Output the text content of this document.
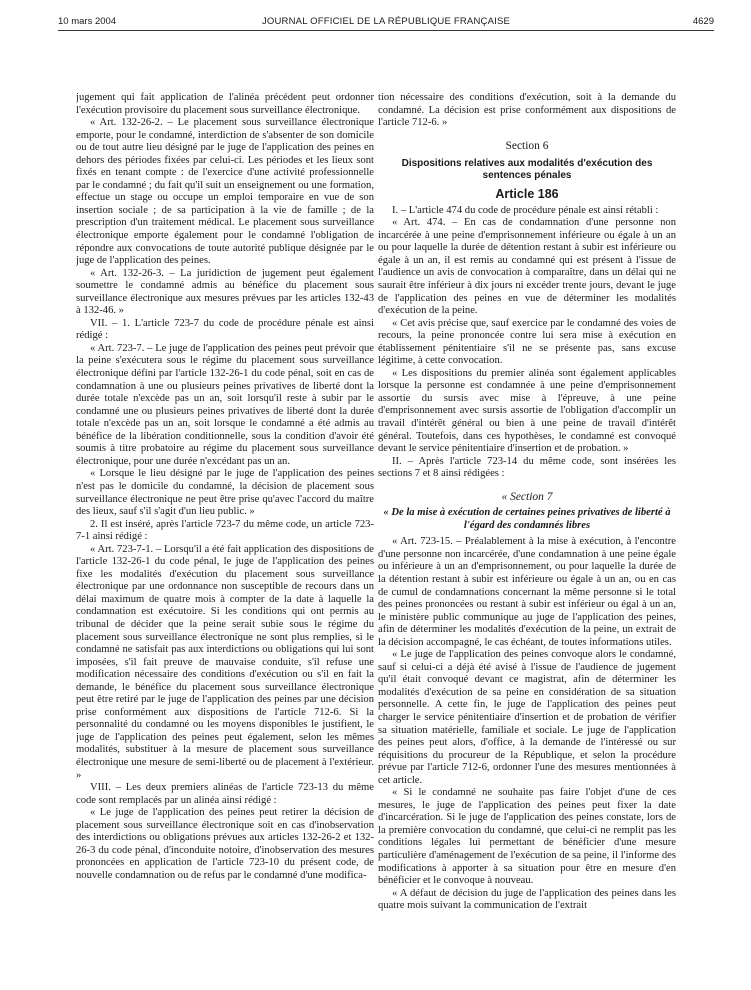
10 mars 2004	JOURNAL OFFICIEL DE LA RÉPUBLIQUE FRANÇAISE	4629

jugement qui fait application de l'alinéa précédent peut ordonner l'exécution provisoire du placement sous surveillance électronique.

« Art. 132-26-2. – Le placement sous surveillance électronique emporte, pour le condamné, interdiction de s'absenter de son domicile ou de tout autre lieu désigné par le juge de l'application des peines en dehors des périodes fixées par celui-ci. Les périodes et les lieux sont fixés en tenant compte : de l'exercice d'une activité professionnelle par le condamné ; du fait qu'il suit un enseignement ou une formation, effectue un stage ou occupe un emploi temporaire en vue de son insertion sociale ; de sa participation à la vie de famille ; de la prescription d'un traitement médical. Le placement sous surveillance électronique emporte également pour le condamné l'obligation de répondre aux convocations de toute autorité publique désignée par le juge de l'application des peines.

« Art. 132-26-3. – La juridiction de jugement peut également soumettre le condamné admis au bénéfice du placement sous surveillance électronique aux mesures prévues par les articles 132-43 à 132-46. »

VII. – 1. L'article 723-7 du code de procédure pénale est ainsi rédigé :

« Art. 723-7. – Le juge de l'application des peines peut prévoir que la peine s'exécutera sous le régime du placement sous surveillance électronique défini par l'article 132-26-1 du code pénal, soit en cas de condamnation à une ou plusieurs peines privatives de liberté dont la durée totale n'excède pas un an, soit lorsqu'il reste à subir par le condamné une ou plusieurs peines privatives de liberté dont la durée totale n'excède pas un an, soit lorsque le condamné a été admis au bénéfice de la libération conditionnelle, sous la condition d'avoir été soumis à titre probatoire au régime du placement sous surveillance électronique, pour une durée n'excédant pas un an.

« Lorsque le lieu désigné par le juge de l'application des peines n'est pas le domicile du condamné, la décision de placement sous surveillance électronique ne peut être prise qu'avec l'accord du maître des lieux, sauf s'il s'agit d'un lieu public. »

2. Il est inséré, après l'article 723-7 du même code, un article 723-7-1 ainsi rédigé :

« Art. 723-7-1. – Lorsqu'il a été fait application des dispositions de l'article 132-26-1 du code pénal, le juge de l'application des peines fixe les modalités d'exécution du placement sous surveillance électronique par une ordonnance non susceptible de recours dans un délai maximum de quatre mois à compter de la date à laquelle la condamnation est exécutoire. Si les conditions qui ont permis au tribunal de décider que la peine serait subie sous le régime du placement sous surveillance électronique ne sont plus remplies, si le condamné ne satisfait pas aux interdictions ou obligations qui lui sont imposées, s'il fait preuve de mauvaise conduite, s'il refuse une modification nécessaire des conditions d'exécution ou s'il en fait la demande, le bénéfice du placement sous surveillance électronique peut être retiré par le juge de l'application des peines par une décision prise conformément aux dispositions de l'article 712-6. Si la personnalité du condamné ou les moyens disponibles le justifient, le juge de l'application des peines peut également, selon les mêmes modalités, substituer à la mesure de placement sous surveillance électronique une mesure de semi-liberté ou de placement à l'extérieur. »

VIII. – Les deux premiers alinéas de l'article 723-13 du même code sont remplacés par un alinéa ainsi rédigé :

« Le juge de l'application des peines peut retirer la décision de placement sous surveillance électronique soit en cas d'inobservation des interdictions ou obligations prévues aux articles 132-26-2 et 132-26-3 du code pénal, d'inconduite notoire, d'inobservation des mesures prononcées en application de l'article 723-10 du présent code, de nouvelle condamnation ou de refus par le condamné d'une modifica-

tion nécessaire des conditions d'exécution, soit à la demande du condamné. La décision est prise conformément aux dispositions de l'article 712-6. »

Section 6
Dispositions relatives aux modalités d'exécution des sentences pénales
Article 186

I. – L'article 474 du code de procédure pénale est ainsi rétabli :

« Art. 474. – En cas de condamnation d'une personne non incarcérée à une peine d'emprisonnement inférieure ou égale à un an ou pour laquelle la durée de détention restant à subir est inférieure ou égale à un an, il est remis au condamné qui est présent à l'issue de l'audience un avis de convocation à comparaître, dans un délai qui ne saurait être inférieur à dix jours ni excéder trente jours, devant le juge de l'application des peines en vue de déterminer les modalités d'exécution de la peine.

« Cet avis précise que, sauf exercice par le condamné des voies de recours, la peine prononcée contre lui sera mise à exécution en établissement pénitentiaire s'il ne se présente pas, sans excuse légitime, à cette convocation.

« Les dispositions du premier alinéa sont également applicables lorsque la personne est condamnée à une peine d'emprisonnement assortie du sursis avec mise à l'épreuve, à une peine d'emprisonnement avec sursis assortie de l'obligation d'accomplir un travail d'intérêt général ou bien à une peine de travail d'intérêt général. Toutefois, dans ces hypothèses, le condamné est convoqué devant le service pénitentiaire d'insertion et de probation. »

II. – Après l'article 723-14 du même code, sont insérées les sections 7 et 8 ainsi rédigées :

« Section 7
« De la mise à exécution de certaines peines privatives de liberté à l'égard des condamnés libres

« Art. 723-15. – Préalablement à la mise à exécution, à l'encontre d'une personne non incarcérée, d'une condamnation à une peine égale ou inférieure à un an d'emprisonnement, ou pour laquelle la durée de la détention restant à subir est inférieure ou égale à un an, ou en cas de cumul de condamnations concernant la même personne si le total des peines prononcées ou restant à subir est inférieur ou égal à un an, le ministère public communique au juge de l'application des peines, afin de déterminer les modalités d'exécution de la peine, un extrait de la décision accompagné, le cas échéant, de toutes informations utiles.

« Le juge de l'application des peines convoque alors le condamné, sauf si celui-ci a déjà été avisé à l'issue de l'audience de jugement qu'il était convoqué devant ce magistrat, afin de déterminer les modalités d'exécution de sa peine en considération de sa situation personnelle. A cette fin, le juge de l'application des peines peut charger le service pénitentiaire d'insertion et de probation de vérifier sa situation matérielle, familiale et sociale. Le juge de l'application des peines peut alors, d'office, à la demande de l'intéressé ou sur réquisitions du procureur de la République, et selon la procédure prévue par l'article 712-6, ordonner l'une des mesures mentionnées à cet article.

« Si le condamné ne souhaite pas faire l'objet d'une de ces mesures, le juge de l'application des peines peut fixer la date d'incarcération. Si le juge de l'application des peines constate, lors de la première convocation du condamné, que celui-ci ne remplit pas les conditions légales lui permettant de bénéficier d'une mesure particulière d'aménagement de l'exécution de sa peine, il l'informe des modifications à apporter à sa situation pour être en mesure d'en bénéficier et le convoque à nouveau.

« A défaut de décision du juge de l'application des peines dans les quatre mois suivant la communication de l'extrait
